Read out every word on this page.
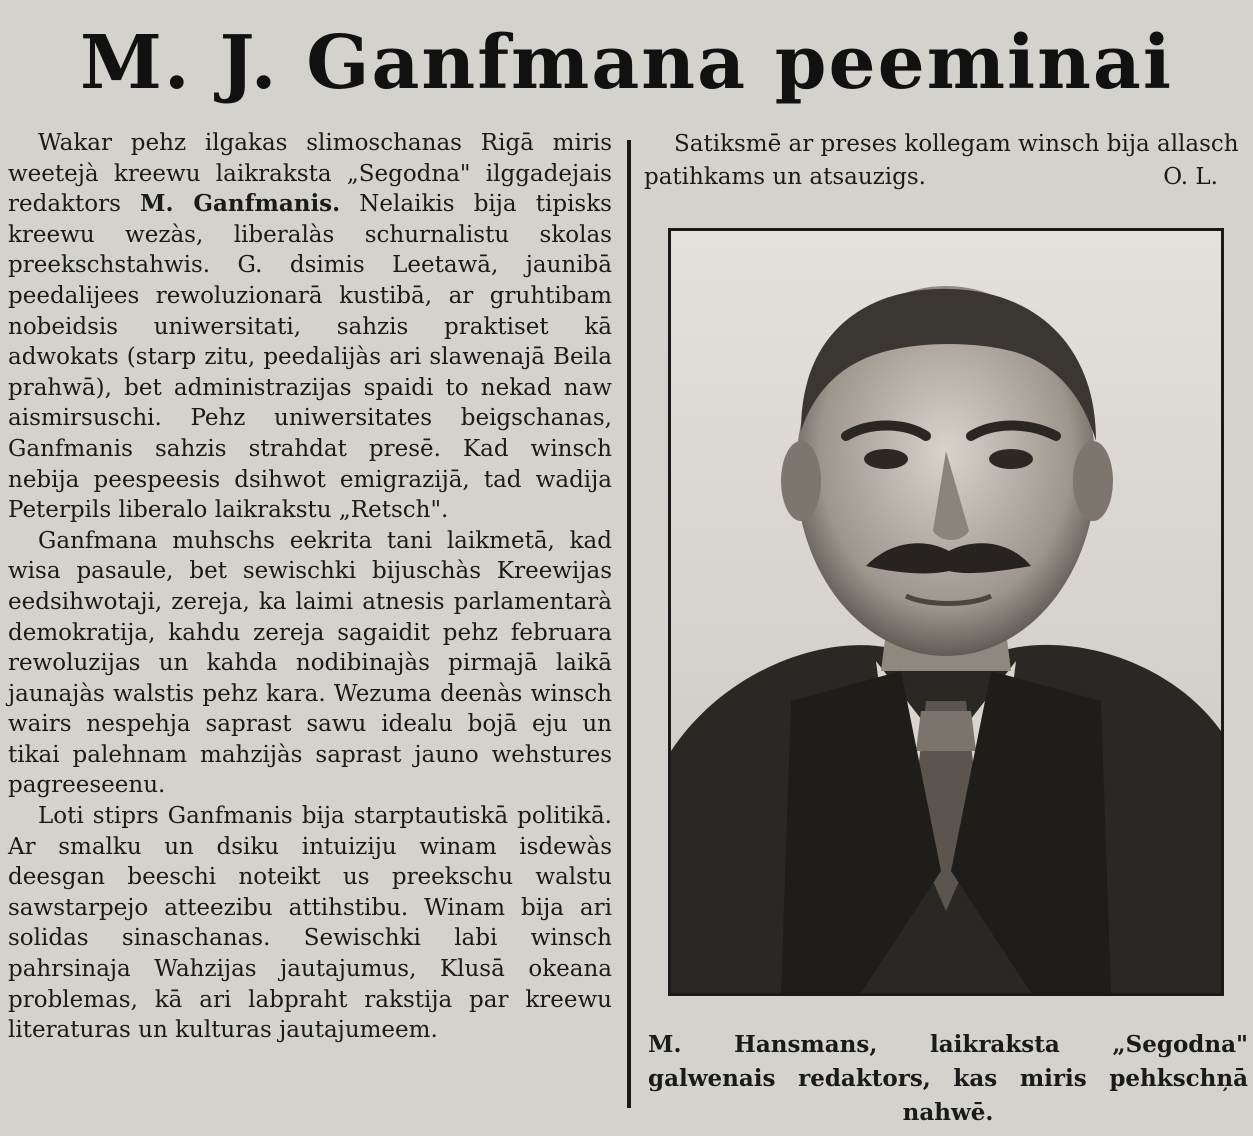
M. J. Ganfmana peeminai

Wakar pehz ilgakas slimoschanas Rigā miris weetejà kreewu laikrakstа „Segodna" ilggadejais redaktors M. Ganfmanis. Nelaikis bija tipisks kreewu wezàs, liberalàs schurnalistu skolas preekschstahwis. G. dsimis Leetawā, jaunibā peedalijees rewoluzionarā kustibā, ar gruhtibam nobeidsis uniwersitati, sahzis praktiset kā adwokats (starp zitu, peedalijàs ari slawenajā Beila prahwā), bet administrazijas spaidi to nekad naw aismirsuschi. Pehz uniwersitates beigschanas, Ganfmanis sahzis strahdat presē. Kad winsch nebija peespeesis dsihwot emigrazijā, tad wadija Peterpils liberalo laikrakstu „Retsch".

Ganfmana muhschs eekrita tanі laikmetā, kad wisa pasaule, bet sewischki bijuschàs Kreewijas eedsihwotaji, zereja, ka laimi atnesis parlamentarà demokratija, kahdu zereja sagaidit pehz februara rewoluzijas un kahda nodibinajàs pirmajā laikā jaunajàs walstis pehz kara. Wezuma deenàs winsch wairs nespehja saprast sawu idealu bojā eju un tikai palehnam mahzijàs saprast jauno wehstures pagreeseenu.

Loti stiprs Ganfmanis bija starptautiskā politikā. Ar smalku un dsiku intuiziju winam isdewàs deesgan beeschi noteikt us preekschu walstu sawstarpejo atteezibu attihstibu. Winam bija ari solidas sinaschanas. Sewischki labi winsch pahrsinaja Wahzijas jautajumus, Klusā okeana problemas, kā ari labpraht rakstija par kreewu literaturas un kulturas jautajumeem.

Satiksmē ar preses kollegam winsch bija allasch patihkams un atsauzigs.	O. L.

M. Hansmans, laikraksta „Segodna" galwenais redaktors, kas miris pehkschņā nahwē.
